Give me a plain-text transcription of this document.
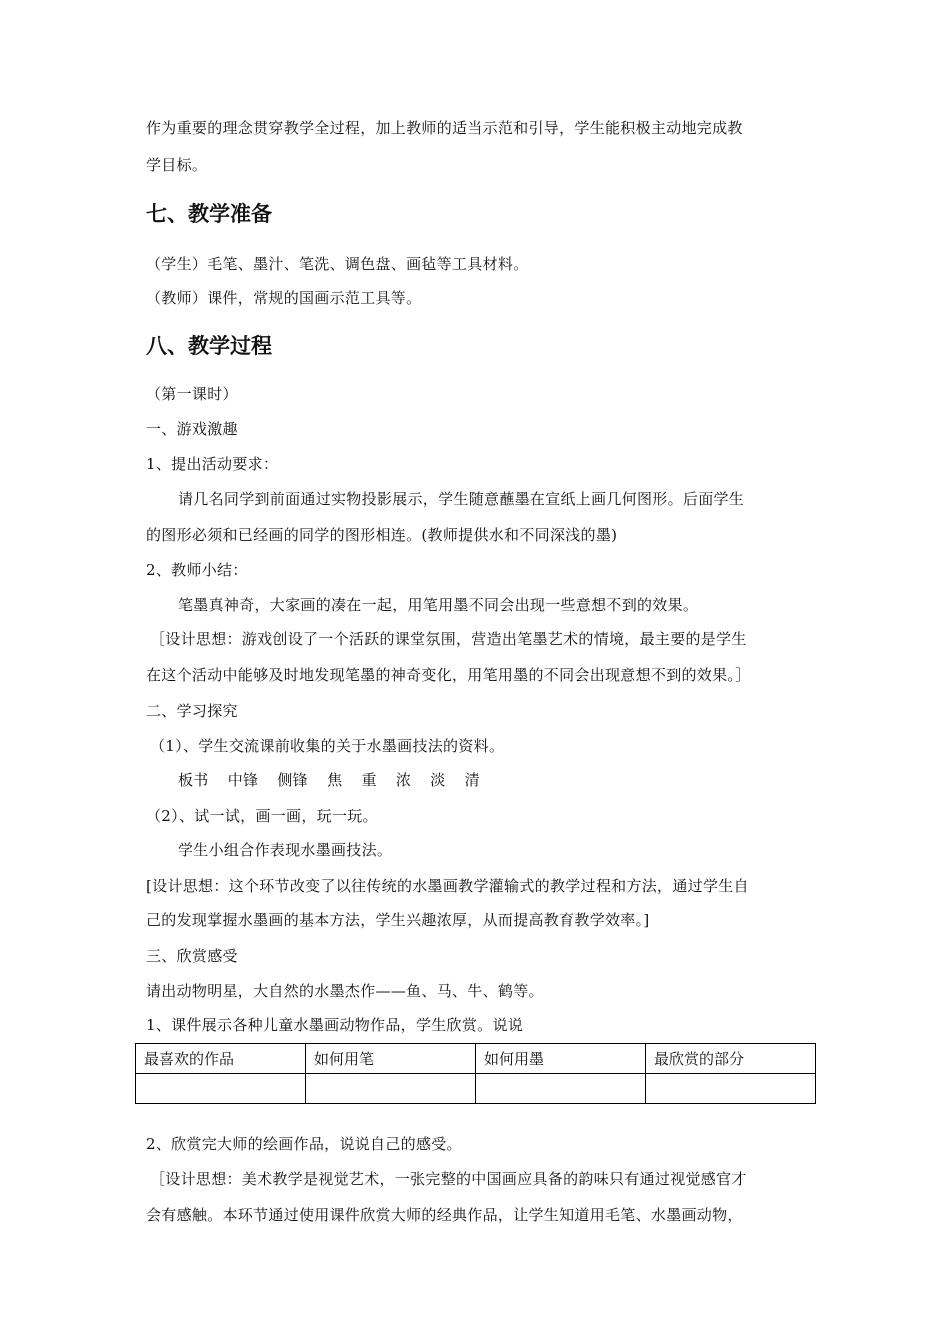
作为重要的理念贯穿教学全过程，加上教师的适当示范和引导，学生能积极主动地完成教
学目标。
七、教学准备
（学生）毛笔、墨汁、笔洗、调色盘、画毡等工具材料。
（教师）课件，常规的国画示范工具等。
八、教学过程
（第一课时）
一、游戏激趣
1、提出活动要求：
请几名同学到前面通过实物投影展示，学生随意蘸墨在宣纸上画几何图形。后面学生
的图形必须和已经画的同学的图形相连。(教师提供水和不同深浅的墨)
2、教师小结：
笔墨真神奇，大家画的凑在一起，用笔用墨不同会出现一些意想不到的效果。
［设计思想：游戏创设了一个活跃的课堂氛围，营造出笔墨艺术的情境，最主要的是学生
在这个活动中能够及时地发现笔墨的神奇变化，用笔用墨的不同会出现意想不到的效果。］
二、学习探究
（1）、学生交流课前收集的关于水墨画技法的资料。
板书 中锋 侧锋 焦 重 浓 淡 清
（2）、试一试，画一画，玩一玩。
学生小组合作表现水墨画技法。
[设计思想：这个环节改变了以往传统的水墨画教学灌输式的教学过程和方法，通过学生自
己的发现掌握水墨画的基本方法，学生兴趣浓厚，从而提高教育教学效率。]
三、欣赏感受
请出动物明星，大自然的水墨杰作——鱼、马、牛、鹤等。
1、课件展示各种儿童水墨画动物作品，学生欣赏。说说
最喜欢的作品	如何用笔	如何用墨	最欣赏的部分

2、欣赏完大师的绘画作品，说说自己的感受。
［设计思想：美术教学是视觉艺术，一张完整的中国画应具备的韵味只有通过视觉感官才
会有感触。本环节通过使用课件欣赏大师的经典作品，让学生知道用毛笔、水墨画动物，
